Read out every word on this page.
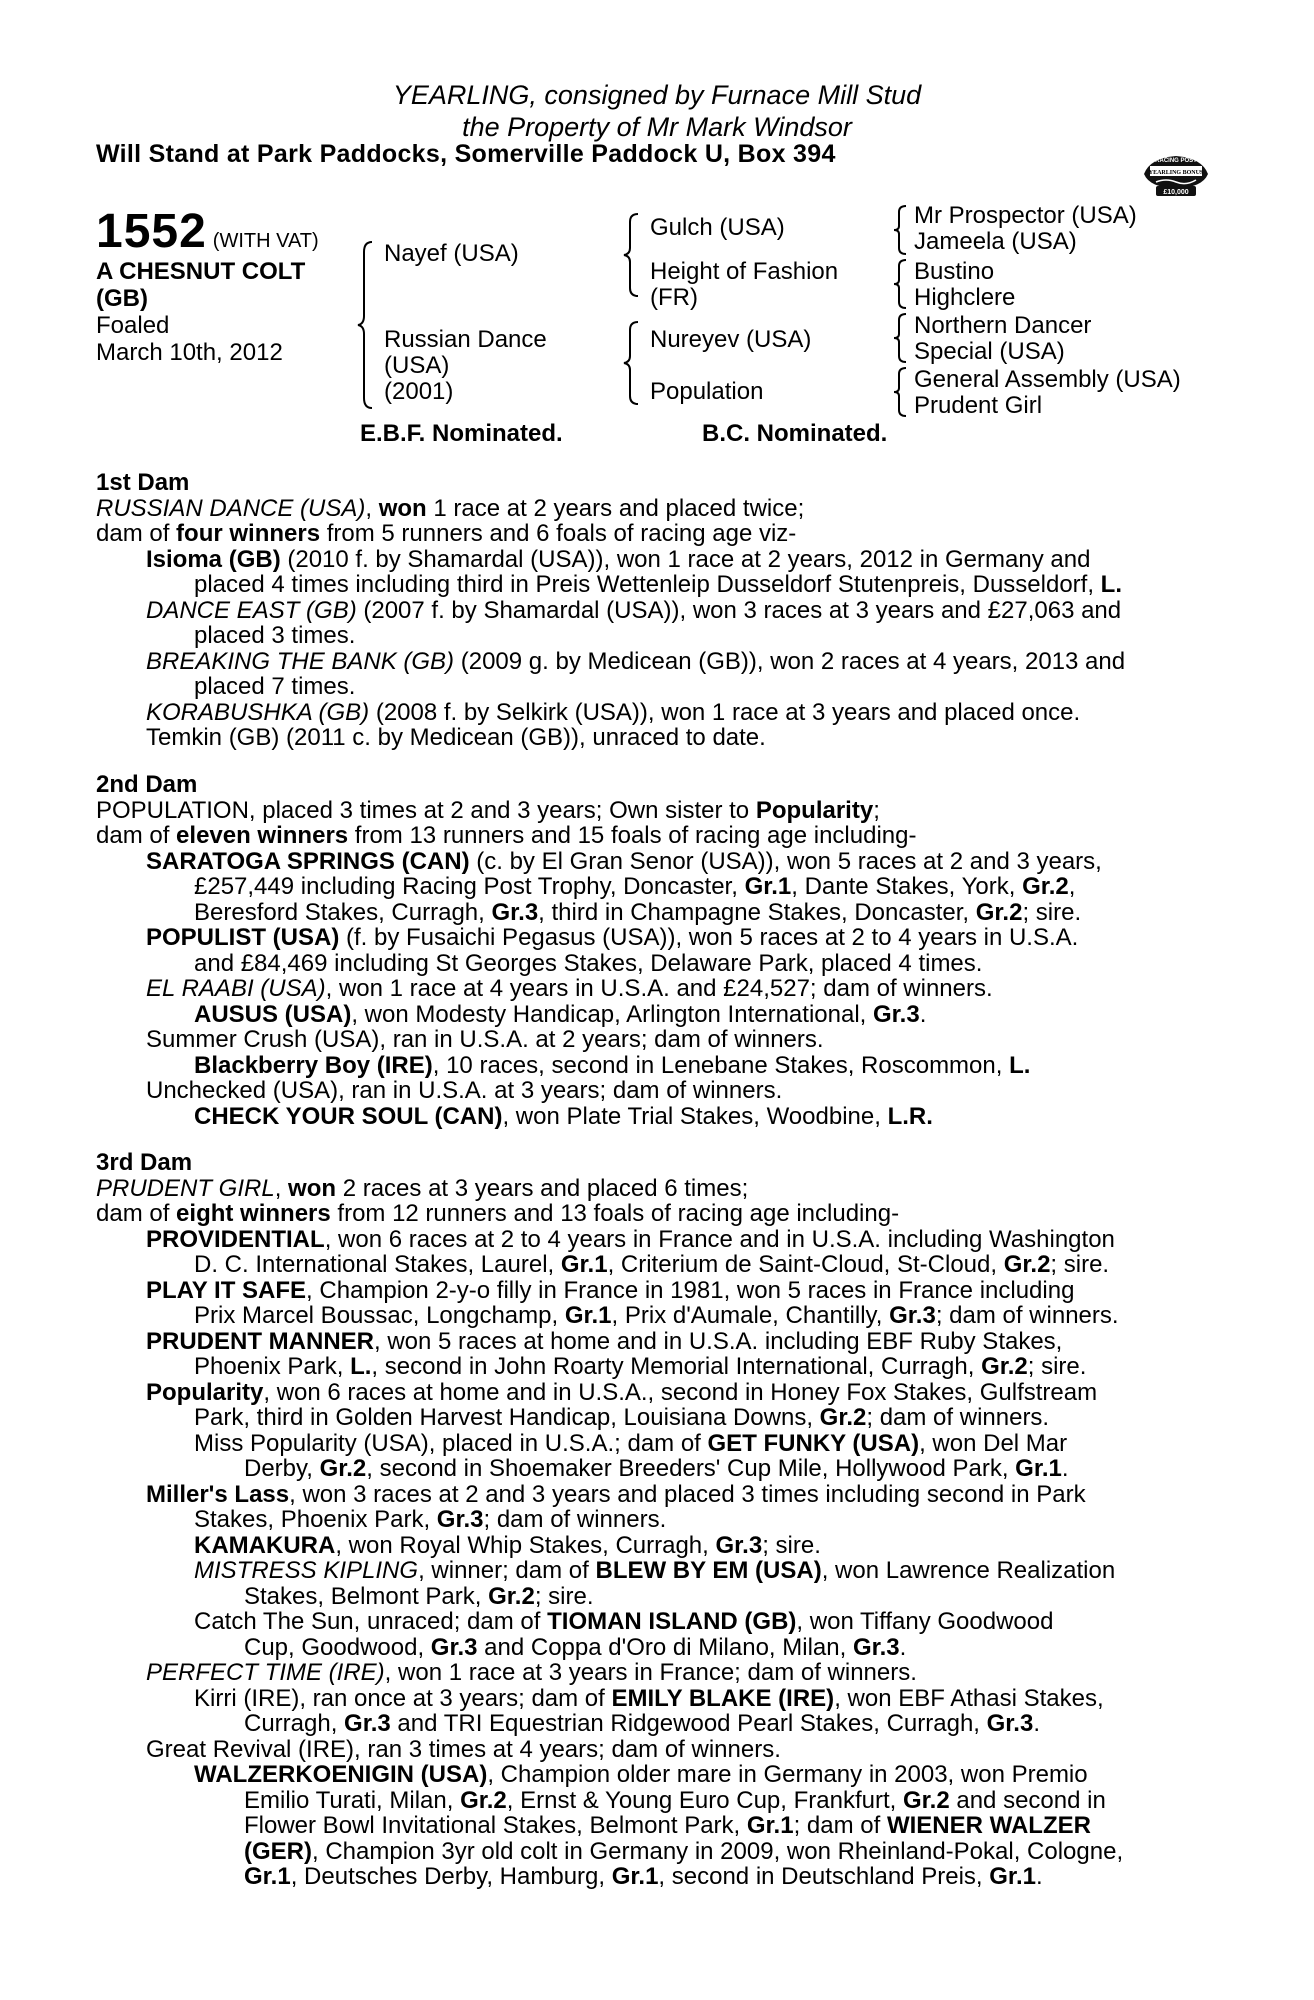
YEARLING, consigned by Furnace Mill Stud
the Property of Mr Mark Windsor
Will Stand at Park Paddocks, Somerville Paddock U, Box 394	RACING POST
YEARLING BONUS
£10,000
1552 (WITH VAT)
A CHESNUT COLT
(GB)
Foaled
March 10th, 2012
Nayef (USA)
Russian Dance
(USA)
(2001)
Gulch (USA)
Height of Fashion
(FR)
Nureyev (USA)
Population
Mr Prospector (USA)
Jameela (USA)
Bustino
Highclere
Northern Dancer
Special (USA)
General Assembly (USA)
Prudent Girl
E.B.F. Nominated.	B.C. Nominated.
1st Dam
RUSSIAN DANCE (USA), won 1 race at 2 years and placed twice;
dam of four winners from 5 runners and 6 foals of racing age viz-
Isioma (GB) (2010 f. by Shamardal (USA)), won 1 race at 2 years, 2012 in Germany and
placed 4 times including third in Preis Wettenleip Dusseldorf Stutenpreis, Dusseldorf, L.
DANCE EAST (GB) (2007 f. by Shamardal (USA)), won 3 races at 3 years and £27,063 and
placed 3 times.
BREAKING THE BANK (GB) (2009 g. by Medicean (GB)), won 2 races at 4 years, 2013 and
placed 7 times.
KORABUSHKA (GB) (2008 f. by Selkirk (USA)), won 1 race at 3 years and placed once.
Temkin (GB) (2011 c. by Medicean (GB)), unraced to date.
2nd Dam
POPULATION, placed 3 times at 2 and 3 years; Own sister to Popularity;
dam of eleven winners from 13 runners and 15 foals of racing age including-
SARATOGA SPRINGS (CAN) (c. by El Gran Senor (USA)), won 5 races at 2 and 3 years,
£257,449 including Racing Post Trophy, Doncaster, Gr.1, Dante Stakes, York, Gr.2,
Beresford Stakes, Curragh, Gr.3, third in Champagne Stakes, Doncaster, Gr.2; sire.
POPULIST (USA) (f. by Fusaichi Pegasus (USA)), won 5 races at 2 to 4 years in U.S.A.
and £84,469 including St Georges Stakes, Delaware Park, placed 4 times.
EL RAABI (USA), won 1 race at 4 years in U.S.A. and £24,527; dam of winners.
AUSUS (USA), won Modesty Handicap, Arlington International, Gr.3.
Summer Crush (USA), ran in U.S.A. at 2 years; dam of winners.
Blackberry Boy (IRE), 10 races, second in Lenebane Stakes, Roscommon, L.
Unchecked (USA), ran in U.S.A. at 3 years; dam of winners.
CHECK YOUR SOUL (CAN), won Plate Trial Stakes, Woodbine, L.R.
3rd Dam
PRUDENT GIRL, won 2 races at 3 years and placed 6 times;
dam of eight winners from 12 runners and 13 foals of racing age including-
PROVIDENTIAL, won 6 races at 2 to 4 years in France and in U.S.A. including Washington
D. C. International Stakes, Laurel, Gr.1, Criterium de Saint-Cloud, St-Cloud, Gr.2; sire.
PLAY IT SAFE, Champion 2-y-o filly in France in 1981, won 5 races in France including
Prix Marcel Boussac, Longchamp, Gr.1, Prix d'Aumale, Chantilly, Gr.3; dam of winners.
PRUDENT MANNER, won 5 races at home and in U.S.A. including EBF Ruby Stakes,
Phoenix Park, L., second in John Roarty Memorial International, Curragh, Gr.2; sire.
Popularity, won 6 races at home and in U.S.A., second in Honey Fox Stakes, Gulfstream
Park, third in Golden Harvest Handicap, Louisiana Downs, Gr.2; dam of winners.
Miss Popularity (USA), placed in U.S.A.; dam of GET FUNKY (USA), won Del Mar
Derby, Gr.2, second in Shoemaker Breeders' Cup Mile, Hollywood Park, Gr.1.
Miller's Lass, won 3 races at 2 and 3 years and placed 3 times including second in Park
Stakes, Phoenix Park, Gr.3; dam of winners.
KAMAKURA, won Royal Whip Stakes, Curragh, Gr.3; sire.
MISTRESS KIPLING, winner; dam of BLEW BY EM (USA), won Lawrence Realization
Stakes, Belmont Park, Gr.2; sire.
Catch The Sun, unraced; dam of TIOMAN ISLAND (GB), won Tiffany Goodwood
Cup, Goodwood, Gr.3 and Coppa d'Oro di Milano, Milan, Gr.3.
PERFECT TIME (IRE), won 1 race at 3 years in France; dam of winners.
Kirri (IRE), ran once at 3 years; dam of EMILY BLAKE (IRE), won EBF Athasi Stakes,
Curragh, Gr.3 and TRI Equestrian Ridgewood Pearl Stakes, Curragh, Gr.3.
Great Revival (IRE), ran 3 times at 4 years; dam of winners.
WALZERKOENIGIN (USA), Champion older mare in Germany in 2003, won Premio
Emilio Turati, Milan, Gr.2, Ernst & Young Euro Cup, Frankfurt, Gr.2 and second in
Flower Bowl Invitational Stakes, Belmont Park, Gr.1; dam of WIENER WALZER
(GER), Champion 3yr old colt in Germany in 2009, won Rheinland-Pokal, Cologne,
Gr.1, Deutsches Derby, Hamburg, Gr.1, second in Deutschland Preis, Gr.1.
